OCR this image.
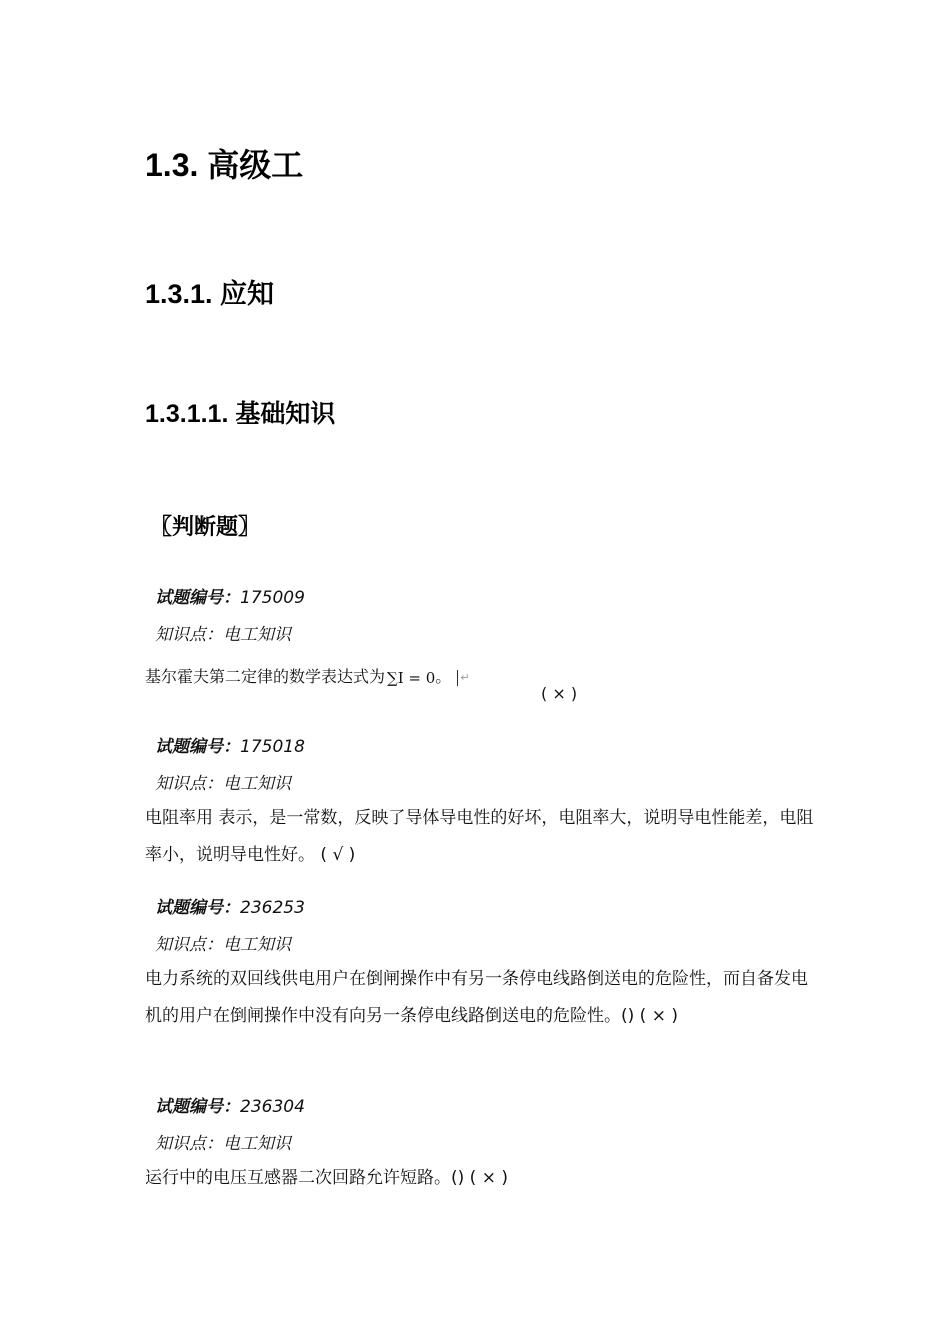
1.3. 高级工
1.3.1. 应知
1.3.1.1. 基础知识
〖判断题〗
试题编号：175009
知识点：电工知识
基尔霍夫第二定律的数学表达式为 ∑I = 0。 ↵
( × )
试题编号：175018
知识点：电工知识
电阻率用 表示，是一常数，反映了导体导电性的好坏，电阻率大，说明导电性能差，电阻率小，说明导电性好。 ( √ )
试题编号：236253
知识点：电工知识
电力系统的双回线供电用户在倒闸操作中有另一条停电线路倒送电的危险性，而自备发电机的用户在倒闸操作中没有向另一条停电线路倒送电的危险性。() ( × )
试题编号：236304
知识点：电工知识
运行中的电压互感器二次回路允许短路。() ( × )
